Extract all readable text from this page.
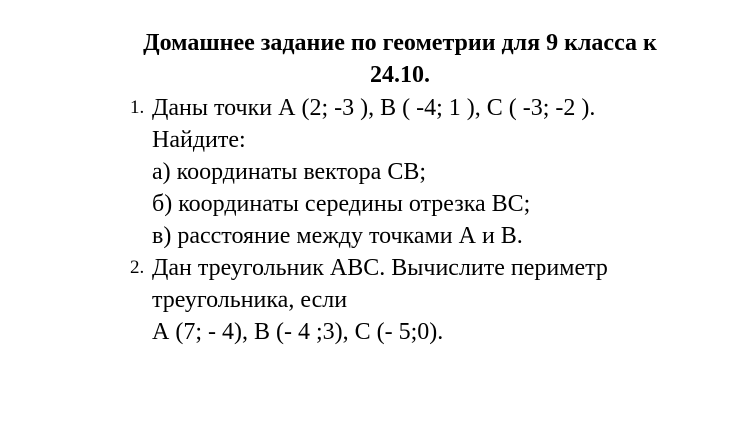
Домашнее задание по геометрии для 9 класса к
24.10.
1. Даны точки А (2; -3 ), В ( -4; 1 ), С ( -3; -2 ).
Найдите:
а) координаты вектора СВ;
б) координаты середины отрезка ВС;
в) расстояние между точками А и В.
2. Дан треугольник АВС. Вычислите периметр
треугольника, если
А (7; - 4), В (- 4 ;3), С (- 5;0).
